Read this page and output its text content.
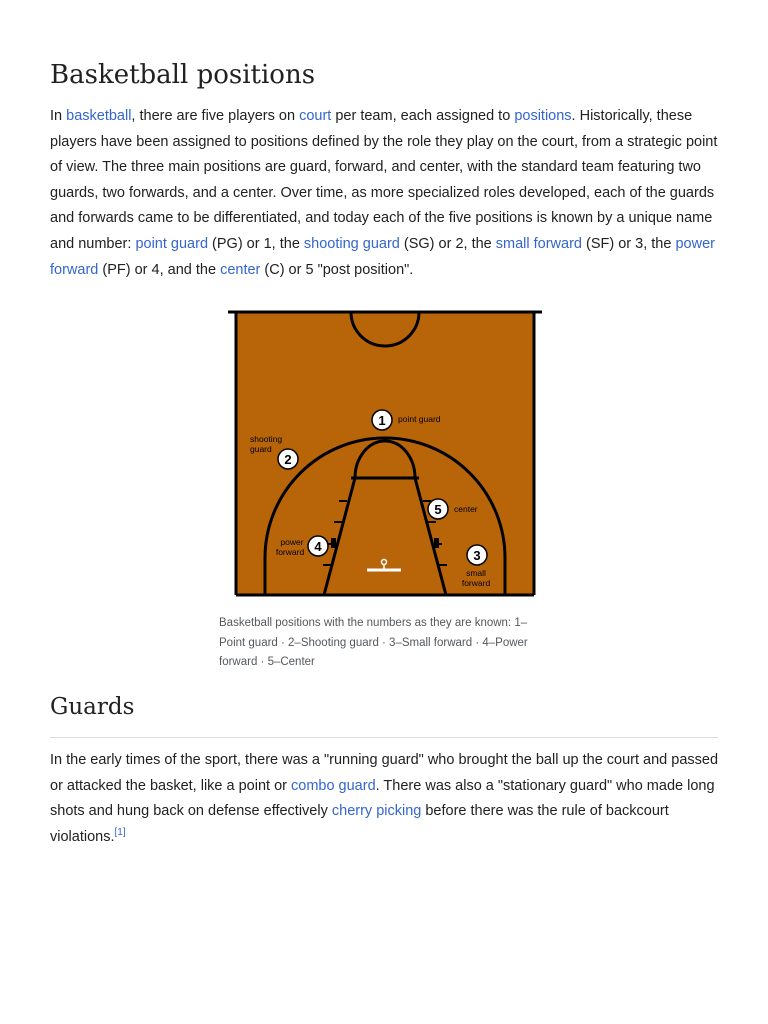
Basketball positions

In basketball, there are five players on court per team, each assigned to positions. Historically, these players have been assigned to positions defined by the role they play on the court, from a strategic point of view. The three main positions are guard, forward, and center, with the standard team featuring two guards, two forwards, and a center. Over time, as more specialized roles developed, each of the guards and forwards came to be differentiated, and today each of the five positions is known by a unique name and number: point guard (PG) or 1, the shooting guard (SG) or 2, the small forward (SF) or 3, the power forward (PF) or 4, and the center (C) or 5 "post position".

1 point guard
2
shooting
guard
3
small
forward
4
power
forward
5 center
Basketball positions with the numbers as they are known: 1–Point guard · 2–Shooting guard · 3–Small forward · 4–Power forward · 5–Center
Guards

In the early times of the sport, there was a "running guard" who brought the ball up the court and passed or attacked the basket, like a point or combo guard. There was also a "stationary guard" who made long shots and hung back on defense effectively cherry picking before there was the rule of backcourt violations.[1]
